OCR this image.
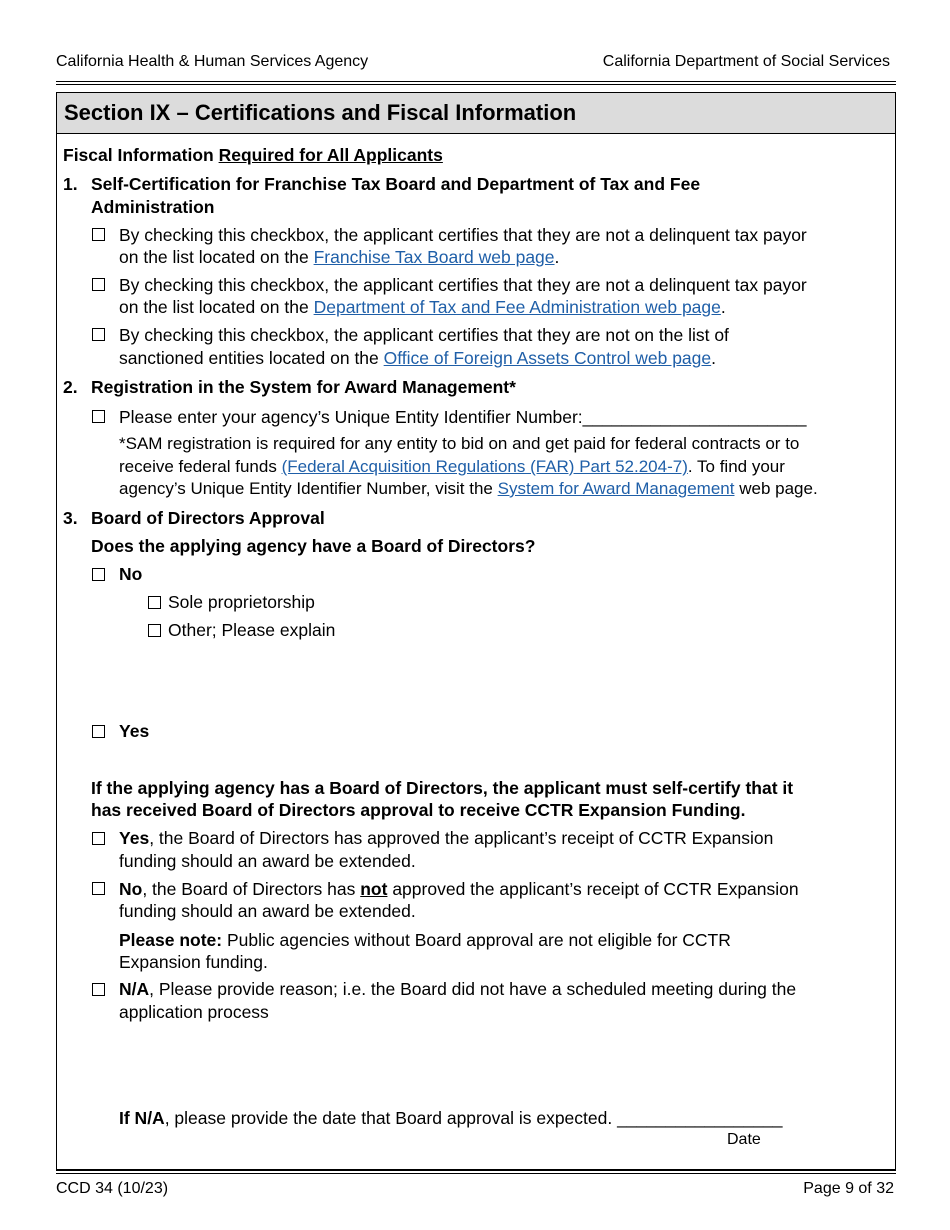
California Health & Human Services Agency	California Department of Social Services
Section IX – Certifications and Fiscal Information
Fiscal Information Required for All Applicants
1. Self-Certification for Franchise Tax Board and Department of Tax and Fee
Administration
By checking this checkbox, the applicant certifies that they are not a delinquent tax payor
on the list located on the Franchise Tax Board web page.
By checking this checkbox, the applicant certifies that they are not a delinquent tax payor
on the list located on the Department of Tax and Fee Administration web page.
By checking this checkbox, the applicant certifies that they are not on the list of
sanctioned entities located on the Office of Foreign Assets Control web page.
2. Registration in the System for Award Management*
Please enter your agency’s Unique Entity Identifier Number:_______________________
*SAM registration is required for any entity to bid on and get paid for federal contracts or to
receive federal funds (Federal Acquisition Regulations (FAR) Part 52.204-7). To find your
agency’s Unique Entity Identifier Number, visit the System for Award Management web page.
3. Board of Directors Approval
Does the applying agency have a Board of Directors?
No
Sole proprietorship
Other; Please explain
Yes
If the applying agency has a Board of Directors, the applicant must self-certify that it
has received Board of Directors approval to receive CCTR Expansion Funding.
Yes, the Board of Directors has approved the applicant’s receipt of CCTR Expansion
funding should an award be extended.
No, the Board of Directors has not approved the applicant’s receipt of CCTR Expansion
funding should an award be extended.
Please note: Public agencies without Board approval are not eligible for CCTR
Expansion funding.
N/A, Please provide reason; i.e. the Board did not have a scheduled meeting during the
application process
If N/A, please provide the date that Board approval is expected. _________________
Date
CCD 34 (10/23)	Page 9 of 32
